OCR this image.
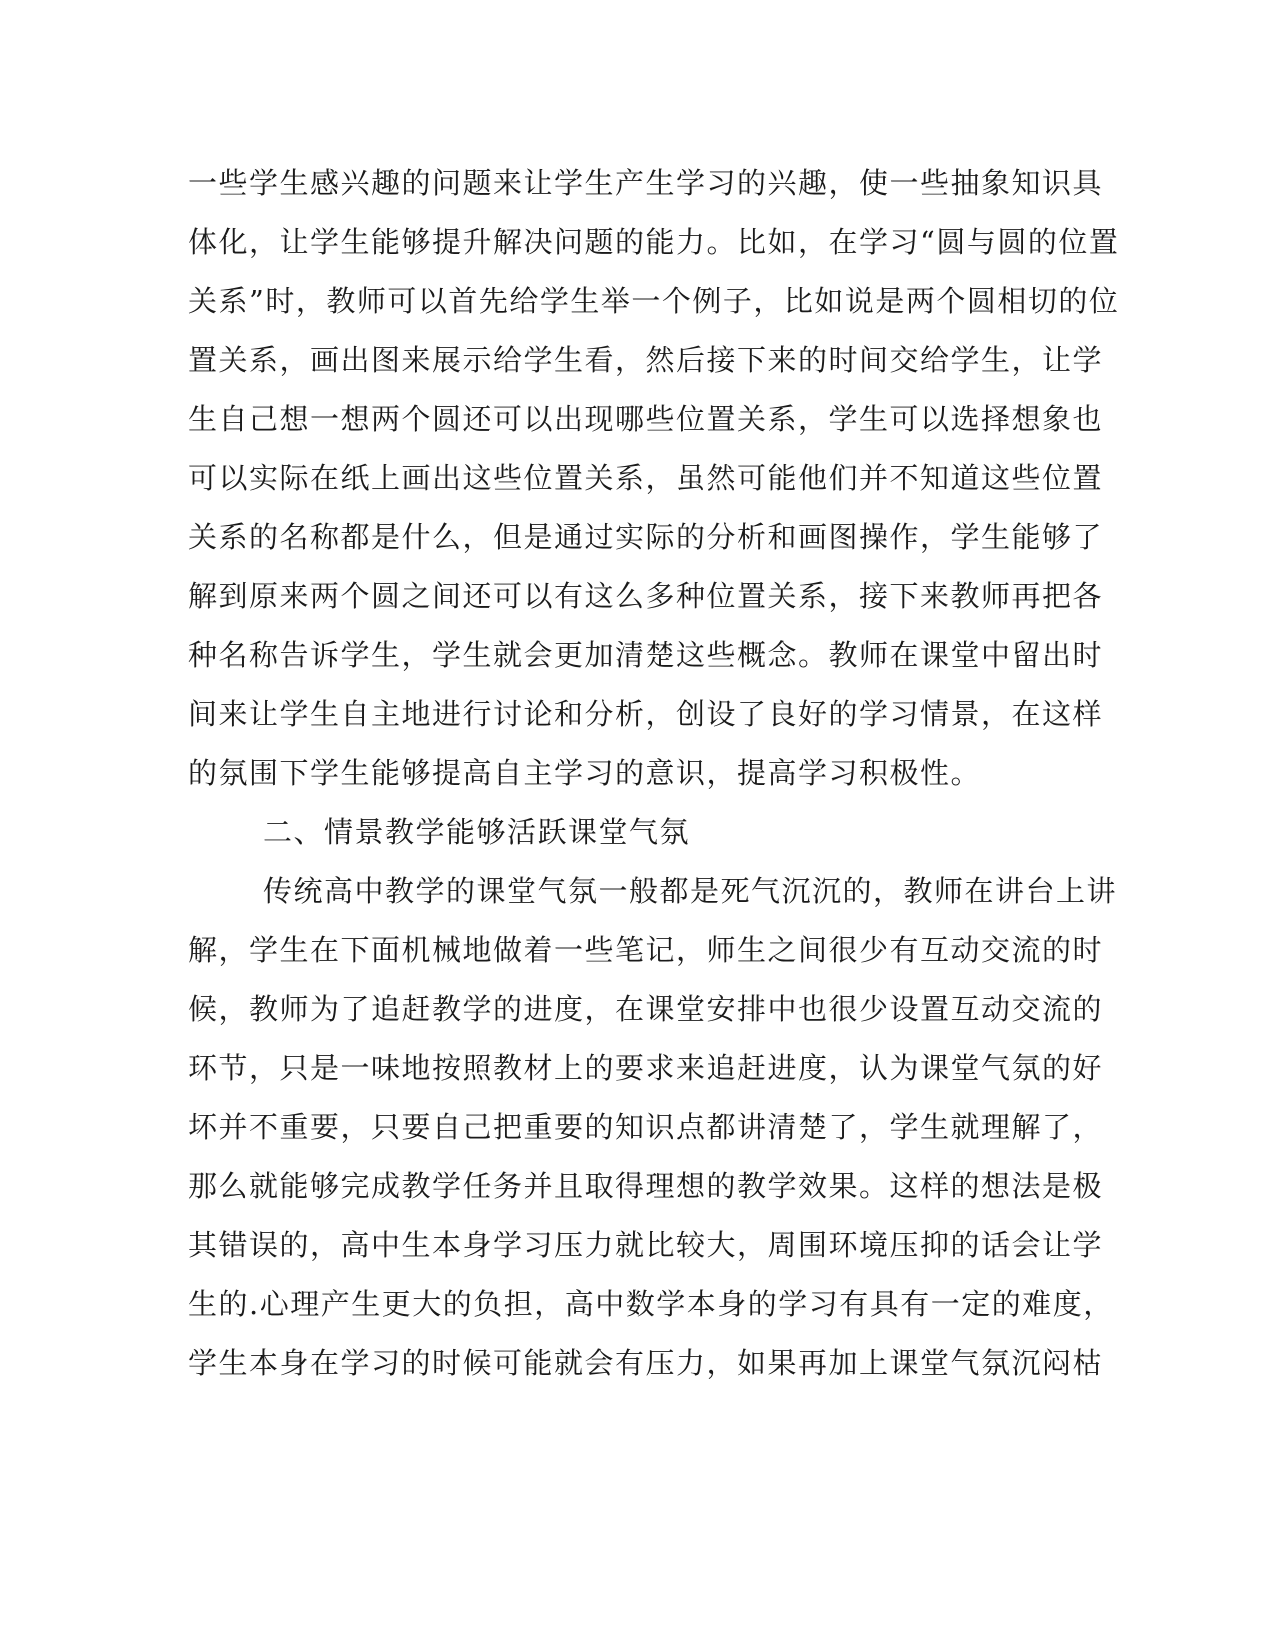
一些学生感兴趣的问题来让学生产生学习的兴趣，使一些抽象知识具
体化，让学生能够提升解决问题的能力。比如，在学习“圆与圆的位置
关系”时，教师可以首先给学生举一个例子，比如说是两个圆相切的位
置关系，画出图来展示给学生看，然后接下来的时间交给学生，让学
生自己想一想两个圆还可以出现哪些位置关系，学生可以选择想象也
可以实际在纸上画出这些位置关系，虽然可能他们并不知道这些位置
关系的名称都是什么，但是通过实际的分析和画图操作，学生能够了
解到原来两个圆之间还可以有这么多种位置关系，接下来教师再把各
种名称告诉学生，学生就会更加清楚这些概念。教师在课堂中留出时
间来让学生自主地进行讨论和分析，创设了良好的学习情景，在这样
的氛围下学生能够提高自主学习的意识，提高学习积极性。
二、情景教学能够活跃课堂气氛
传统高中教学的课堂气氛一般都是死气沉沉的，教师在讲台上讲
解，学生在下面机械地做着一些笔记，师生之间很少有互动交流的时
候，教师为了追赶教学的进度，在课堂安排中也很少设置互动交流的
环节，只是一味地按照教材上的要求来追赶进度，认为课堂气氛的好
坏并不重要，只要自己把重要的知识点都讲清楚了，学生就理解了，
那么就能够完成教学任务并且取得理想的教学效果。这样的想法是极
其错误的，高中生本身学习压力就比较大，周围环境压抑的话会让学
生的.心理产生更大的负担，高中数学本身的学习有具有一定的难度，
学生本身在学习的时候可能就会有压力，如果再加上课堂气氛沉闷枯
